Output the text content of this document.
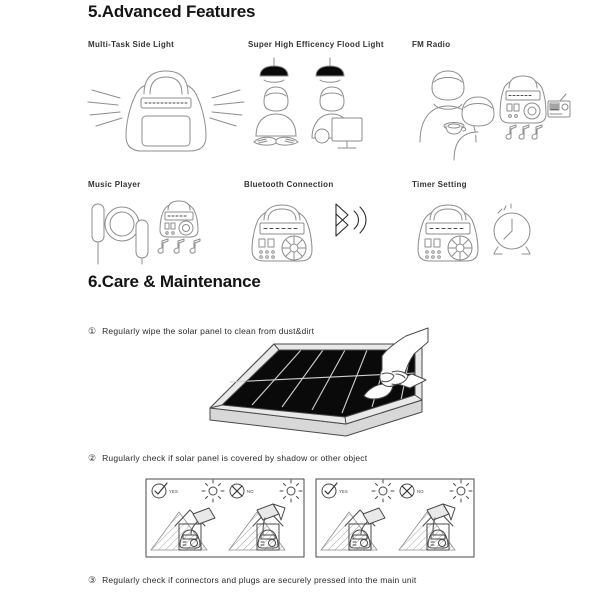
5.Advanced Features
Multi-Task Side Light	Super High Efficency Flood Light	FM Radio
Music Player	Bluetooth Connection	Timer Setting
6.Care & Maintenance
① Regularly wipe the solar panel to clean from dust&dirt
② Rugularly check if solar panel is covered by shadow or other object
YES	NO	YES	NO
③ Regularly check if connectors and plugs are securely pressed into the main unit
